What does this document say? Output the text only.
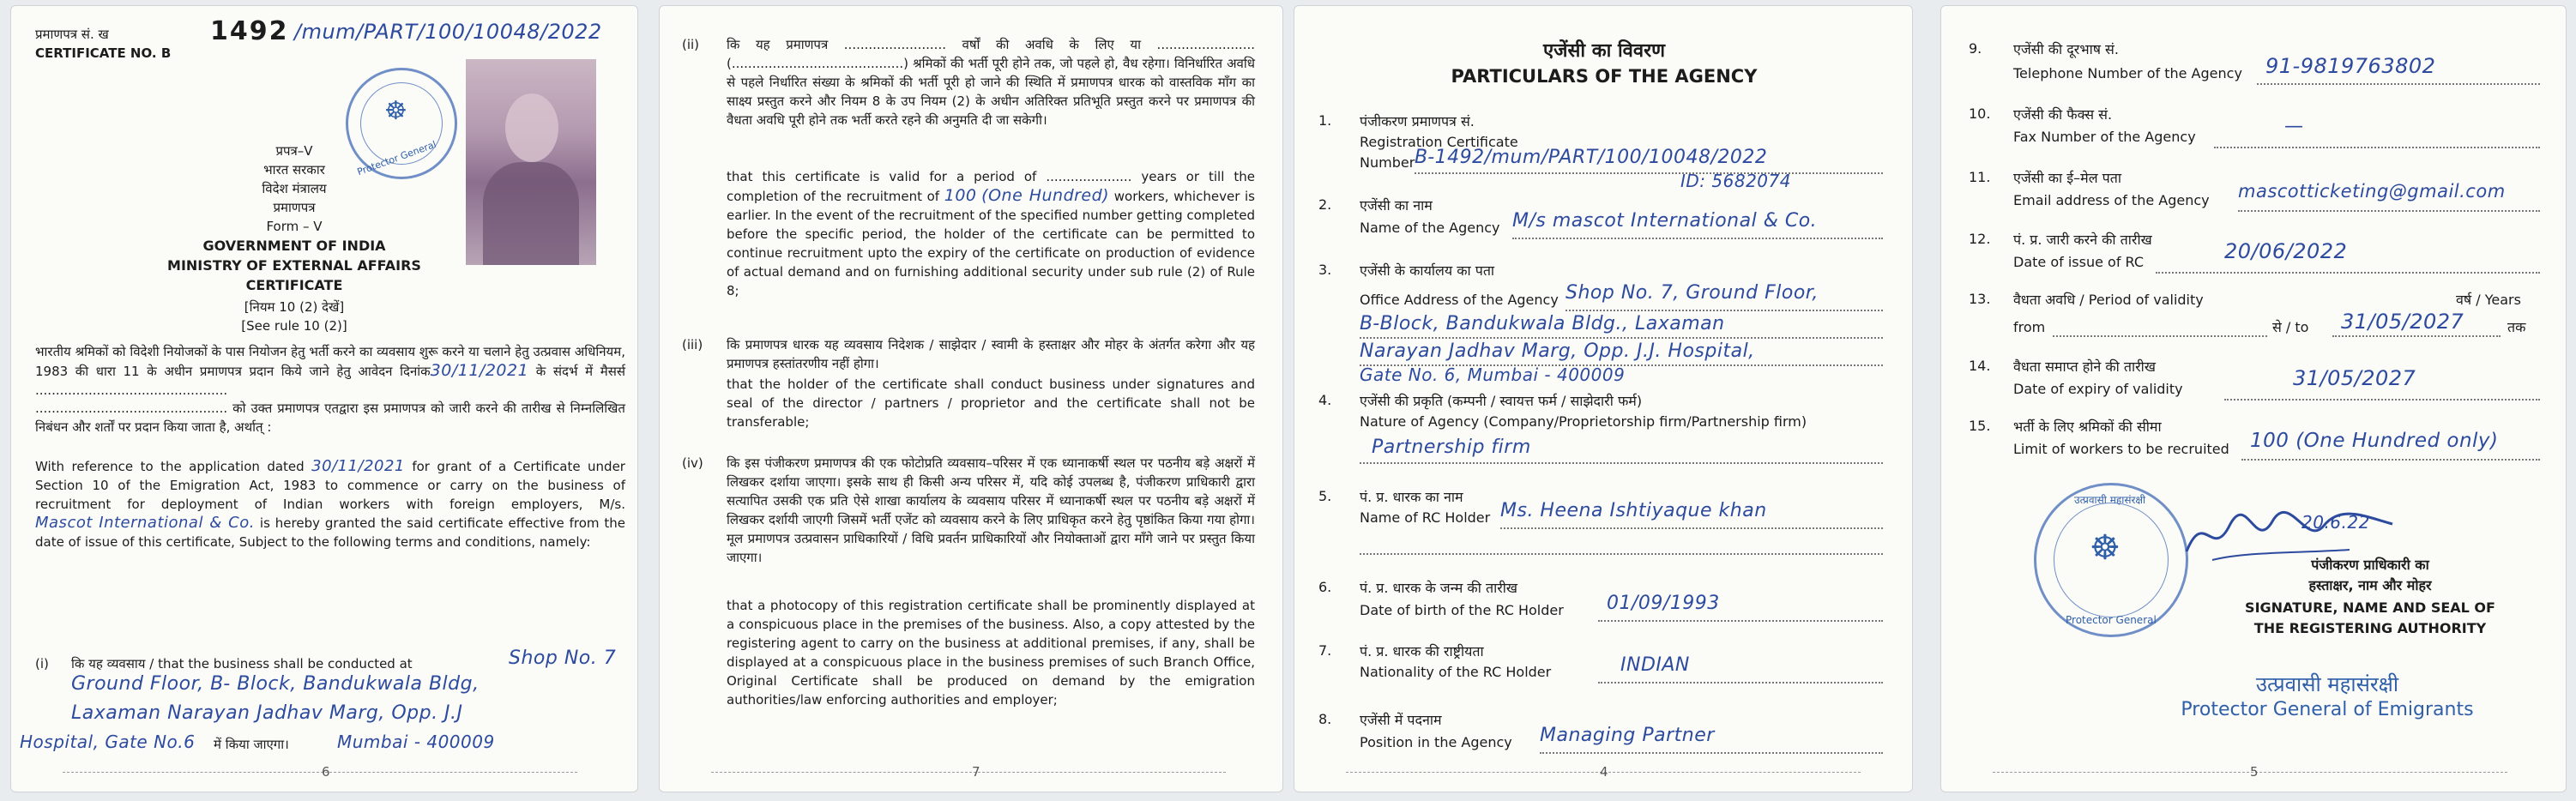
प्रमाणपत्र सं. ख
CERTIFICATE NO. B
1492 /mum/PART/100/10048/2022
☸
Protector General
प्रपत्र–V
भारत सरकार
विदेश मंत्रालय
प्रमाणपत्र
Form – V
GOVERNMENT OF INDIA
MINISTRY OF EXTERNAL AFFAIRS
CERTIFICATE
[नियम 10 (2) देखें]
[See rule 10 (2)]
भारतीय श्रमिकों को विदेशी नियोजकों के पास नियोजन हेतु भर्ती करने का व्यवसाय शुरू करने या चलाने हेतु उत्प्रवास अधिनियम, 1983 की धारा 11 के अधीन प्रमाणपत्र प्रदान किये जाने हेतु आवेदन दिनांक30/11/2021 के संदर्भ में मैसर्स ...............................................
............................................... को उक्त प्रमाणपत्र एतद्वारा इस प्रमाणपत्र को जारी करने की तारीख से निम्नलिखित निबंधन और शर्तों पर प्रदान किया जाता है, अर्थात् :
With reference to the application dated 30/11/2021 for grant of a Certificate under Section 10 of the Emigration Act, 1983 to commence or carry on the business of recruitment for deployment of Indian workers with foreign employers, M/s. Mascot International & Co. is hereby granted the said certificate effective from the date of issue of this certificate, Subject to the following terms and conditions, namely:
(i) कि यह व्यवसाय / that the business shall be conducted at	Shop No. 7
Ground Floor, B- Block, Bandukwala Bldg,
Laxaman Narayan Jadhav Marg, Opp. J.J
Hospital, Gate No.6 में किया जाएगा।	Mumbai - 400009
6
(ii) कि यह प्रमाणपत्र ......................... वर्षों की अवधि के लिए या ........................ (..........................................) श्रमिकों की भर्ती पूरी होने तक, जो पहले हो, वैध रहेगा। विनिर्धारित अवधि से पहले निर्धारित संख्या के श्रमिकों की भर्ती पूरी हो जाने की स्थिति में प्रमाणपत्र धारक को वास्तविक माँग का साक्ष्य प्रस्तुत करने और नियम 8 के उप नियम (2) के अधीन अतिरिक्त प्रतिभूति प्रस्तुत करने पर प्रमाणपत्र की वैधता अवधि पूरी होने तक भर्ती करते रहने की अनुमति दी जा सकेगी।
that this certificate is valid for a period of ..................... years or till the completion of the recruitment of 100 (One Hundred) workers, whichever is earlier. In the event of the recruitment of the specified number getting completed before the specific period, the holder of the certificate can be permitted to continue recruitment upto the expiry of the certificate on production of evidence of actual demand and on furnishing additional security under sub rule (2) of Rule 8;
(iii) कि प्रमाणपत्र धारक यह व्यवसाय निदेशक / साझेदार / स्वामी के हस्ताक्षर और मोहर के अंतर्गत करेगा और यह प्रमाणपत्र हस्तांतरणीय नहीं होगा।
that the holder of the certificate shall conduct business under signatures and seal of the director / partners / proprietor and the certificate shall not be transferable;
(iv) कि इस पंजीकरण प्रमाणपत्र की एक फोटोप्रति व्यवसाय–परिसर में एक ध्यानाकर्षी स्थल पर पठनीय बड़े अक्षरों में लिखकर दर्शाया जाएगा। इसके साथ ही किसी अन्य परिसर में, यदि कोई उपलब्ध है, पंजीकरण प्राधिकारी द्वारा सत्यापित उसकी एक प्रति ऐसे शाखा कार्यालय के व्यवसाय परिसर में ध्यानाकर्षी स्थल पर पठनीय बड़े अक्षरों में लिखकर दर्शायी जाएगी जिसमें भर्ती एजेंट को व्यवसाय करने के लिए प्राधिकृत करने हेतु पृष्ठांकित किया गया होगा। मूल प्रमाणपत्र उत्प्रवासन प्राधिकारियों / विधि प्रवर्तन प्राधिकारियों और नियोक्ताओं द्वारा माँगे जाने पर प्रस्तुत किया जाएगा।
that a photocopy of this registration certificate shall be prominently displayed at a conspicuous place in the premises of the business. Also, a copy attested by the registering agent to carry on the business at additional premises, if any, shall be displayed at a conspicuous place in the business premises of such Branch Office, Original Certificate shall be produced on demand by the emigration authorities/law enforcing authorities and employer;
7
एजेंसी का विवरण
PARTICULARS OF THE AGENCY
1. पंजीकरण प्रमाणपत्र सं.
Registration Certificate
Number B-1492/mum/PART/100/10048/2022
ID: 5682074
2. एजेंसी का नाम
Name of the Agency M/s mascot International & Co.
3. एजेंसी के कार्यालय का पता
Office Address of the Agency Shop No. 7, Ground Floor,
B-Block, Bandukwala Bldg., Laxaman
Narayan Jadhav Marg, Opp. J.J. Hospital,
Gate No. 6, Mumbai - 400009
4. एजेंसी की प्रकृति (कम्पनी / स्वायत्त फर्म / साझेदारी फर्म)
Nature of Agency (Company/Proprietorship firm/Partnership firm)
Partnership firm
5. पं. प्र. धारक का नाम
Name of RC Holder Ms. Heena Ishtiyaque khan
6. पं. प्र. धारक के जन्म की तारीख
Date of birth of the RC Holder 01/09/1993
7. पं. प्र. धारक की राष्ट्रीयता
Nationality of the RC Holder	INDIAN
8. एजेंसी में पदनाम
Position in the Agency Managing Partner
4
9. एजेंसी की दूरभाष सं.
Telephone Number of the Agency 91-9819763802
10. एजेंसी की फैक्स सं.
Fax Number of the Agency	—
11. एजेंसी का ई–मेल पता
Email address of the Agency mascotticketing@gmail.com
12. पं. प्र. जारी करने की तारीख
Date of issue of RC	20/06/2022
13. वैधता अवधि / Period of validity	वर्ष / Years
from	से / to 31/05/2027	तक
14. वैधता समाप्त होने की तारीख
Date of expiry of validity	31/05/2027
15. भर्ती के लिए श्रमिकों की सीमा
Limit of workers to be recruited 100 (One Hundred only)
☸
उत्प्रवासी महासंरक्षी
Protector General
20.6.22
पंजीकरण प्राधिकारी का
हस्ताक्षर, नाम और मोहर
SIGNATURE, NAME AND SEAL OF
THE REGISTERING AUTHORITY
उत्प्रवासी महासंरक्षी
Protector General of Emigrants
5
